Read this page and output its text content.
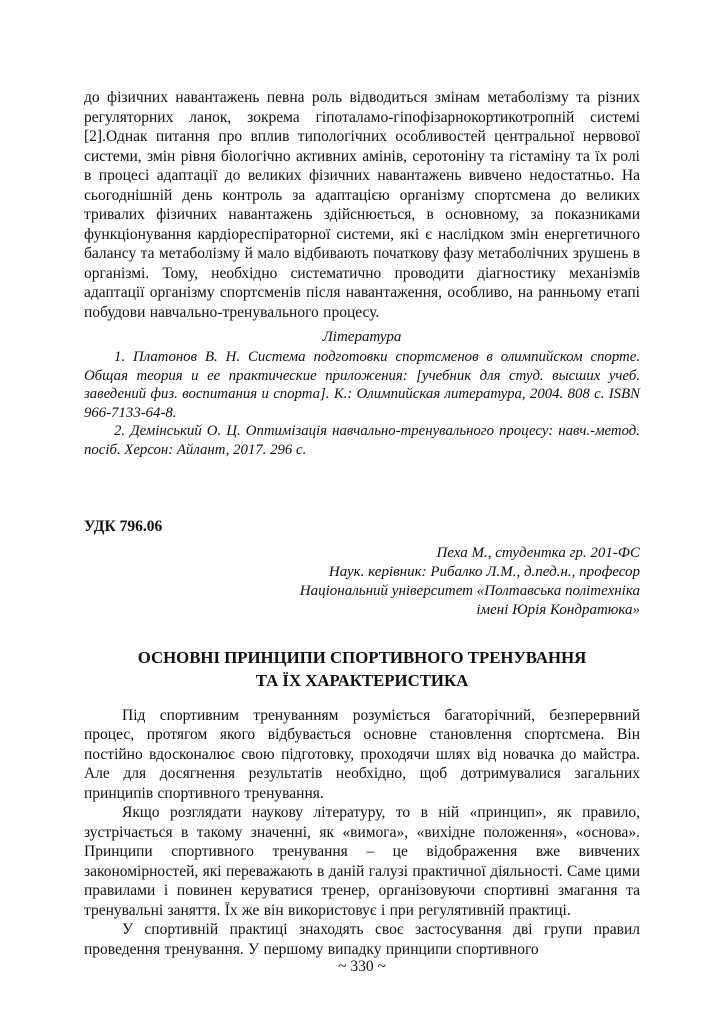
до фізичних навантажень певна роль відводиться змінам метаболізму та різних регуляторних ланок, зокрема гіпоталамо-гіпофізарнокортикотропній системі [2].Однак питання про вплив типологічних особливостей центральної нервової системи, змін рівня біологічно активних амінів, серотоніну та гістаміну та їх ролі в процесі адаптації до великих фізичних навантажень вивчено недостатньо. На сьогоднішній день контроль за адаптацією організму спортсмена до великих тривалих фізичних навантажень здійснюється, в основному, за показниками функціонування кардіореспіраторної системи, які є наслідком змін енергетичного балансу та метаболізму й мало відбивають початкову фазу метаболічних зрушень в організмі. Тому, необхідно систематично проводити діагностику механізмів адаптації організму спортсменів після навантаження, особливо, на ранньому етапі побудови навчально-тренувального процесу.

Література

1. Платонов В. Н. Система подготовки спортсменов в олимпийском спорте. Общая теория и ее практические приложения: [учебник для студ. высших учеб. заведений физ. воспитания и спорта]. К.: Олимпийская литература, 2004. 808 с. ISBN 966-7133-64-8.

2. Демінський О. Ц. Оптимізація навчально-тренувального процесу: навч.-метод. посіб. Херсон: Айлант, 2017. 296 с.

УДК 796.06

Пеха М., студентка гр. 201-ФС
Наук. керівник: Рибалко Л.М., д.пед.н., професор
Національний університет «Полтавська політехніка
імені Юрія Кондратюка»
ОСНОВНІ ПРИНЦИПИ СПОРТИВНОГО ТРЕНУВАННЯ
ТА ЇХ ХАРАКТЕРИСТИКА

Під спортивним тренуванням розуміється багаторічний, безперервний процес, протягом якого відбувається основне становлення спортсмена. Він постійно вдосконалює свою підготовку, проходячи шлях від новачка до майстра. Але для досягнення результатів необхідно, щоб дотримувалися загальних принципів спортивного тренування.

Якщо розглядати наукову літературу, то в ній «принцип», як правило, зустрічається в такому значенні, як «вимога», «вихідне положення», «основа». Принципи спортивного тренування – це відображення вже вивчених закономірностей, які переважають в даній галузі практичної діяльності. Саме цими правилами і повинен керуватися тренер, організовуючи спортивні змагання та тренувальні заняття. Їх же він використовує і при регулятивній практиці.

У спортивній практиці знаходять своє застосування дві групи правил проведення тренування. У першому випадку принципи спортивного

~ 330 ~
